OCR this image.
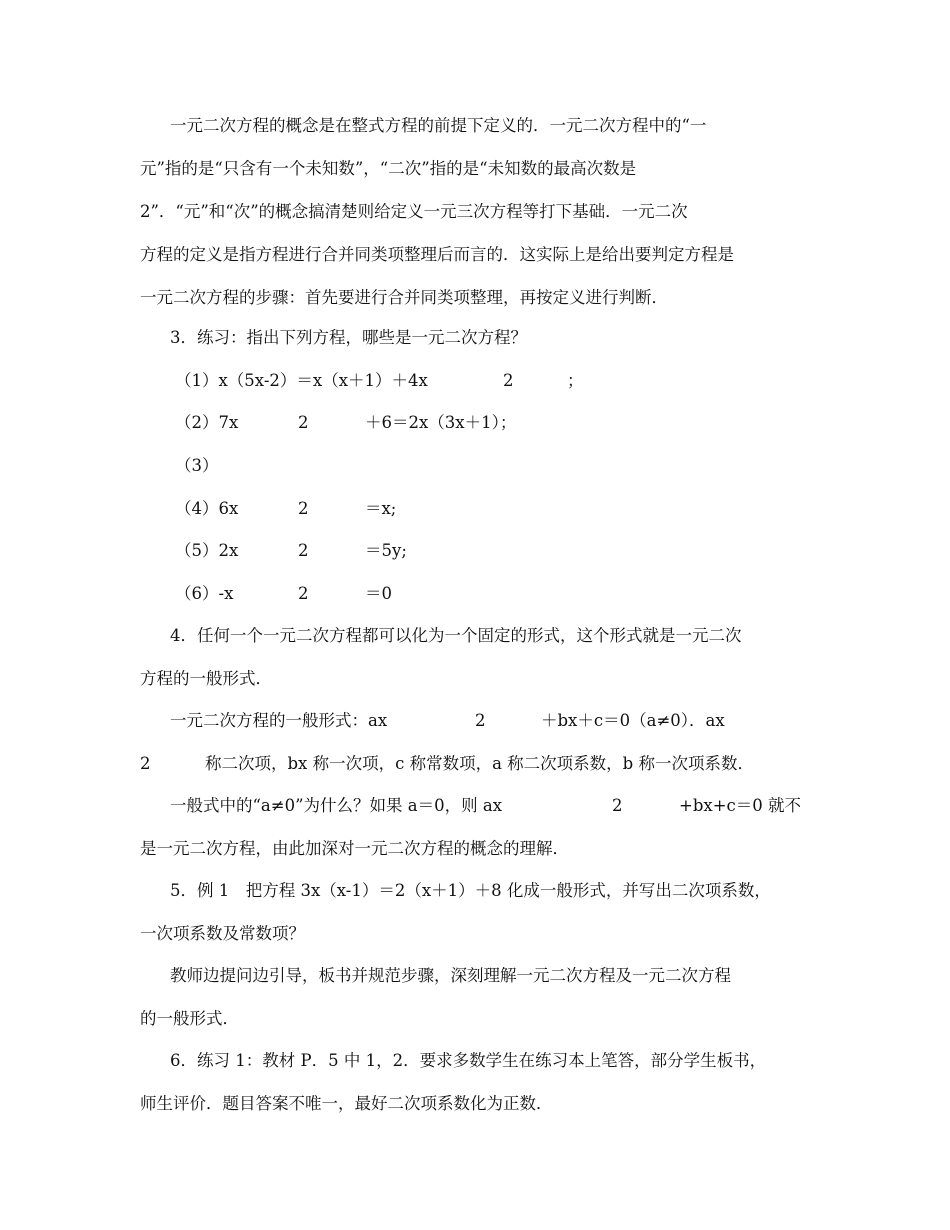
一元二次方程的概念是在整式方程的前提下定义的．一元二次方程中的“一
元”指的是“只含有一个未知数”，“二次”指的是“未知数的最高次数是
2”．“元”和“次”的概念搞清楚则给定义一元三次方程等打下基础．一元二次
方程的定义是指方程进行合并同类项整理后而言的．这实际上是给出要判定方程是
一元二次方程的步骤：首先要进行合并同类项整理，再按定义进行判断．
3．练习：指出下列方程，哪些是一元二次方程？
（1）x（5x-2）＝x（x＋1）＋4x	2	；
（2）7x	2	＋6＝2x（3x＋1）；
（3）
（4）6x	2	＝x;
（5）2x	2	＝5y;
（6）-x	2	＝0
4．任何一个一元二次方程都可以化为一个固定的形式，这个形式就是一元二次
方程的一般形式．
一元二次方程的一般形式：ax	2	＋bx＋c＝0（a≠0）．ax
2	称二次项，bx 称一次项，c 称常数项，a 称二次项系数，b 称一次项系数．
一般式中的“a≠0”为什么？如果 a＝0，则 ax	2	+bx+c＝0 就不
是一元二次方程，由此加深对一元二次方程的概念的理解．
5．例 1　把方程 3x（x-1）＝2（x＋1）＋8 化成一般形式，并写出二次项系数，
一次项系数及常数项？
教师边提问边引导，板书并规范步骤，深刻理解一元二次方程及一元二次方程
的一般形式．
6．练习 1：教材 P．5 中 1，2．要求多数学生在练习本上笔答，部分学生板书，
师生评价．题目答案不唯一，最好二次项系数化为正数．
